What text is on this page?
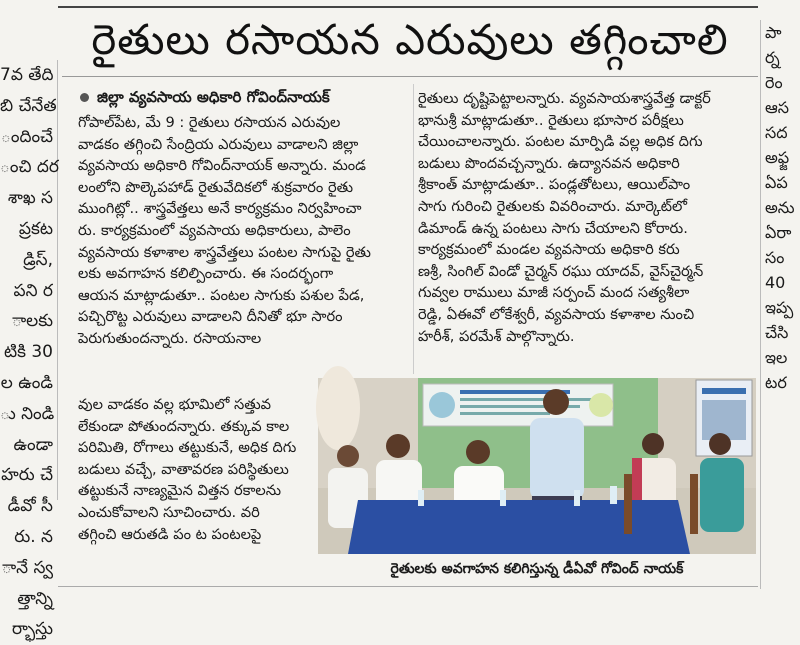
7వ తేది
బి చేనేత
ందించే
ంచి దర
శాఖ స
ప్రకట
డ్రిస్,
పని ర
ాలకు
టికి 30
ల ఉండి
ు నిండి
ఉండా
హరు చే
డీవో సీ
రు. న
ానే స్వ
త్తాన్ని
ర్భాస్తు
పా
ర్న
రెం
ఆస
సద
అఫ్జ
ఏప
అను
ఏరా
సం
40
ఇప్ప
చేసి
ఇల
టర
రైతులు రసాయన ఎరువులు తగ్గించాలి
జిల్లా వ్యవసాయ అధికారి గోవింద్‌నాయక్
గోపాల్‌పేట, మే 9 : రైతులు రసాయన ఎరువుల
వాడకం తగ్గించి సేంద్రియ ఎరువులు వాడాలని జిల్లా
వ్యవసాయ అధికారి గోవింద్‌నాయక్ అన్నారు. మండ
లంలోని పొల్కెపహాడ్ రైతువేదికలో శుక్రవారం రైతు
ముంగిట్లో.. శాస్త్రవేత్తలు అనే కార్యక్రమం నిర్వహించా
రు. కార్యక్రమంలో వ్యవసాయ అధికారులు, పాలెం
వ్యవసాయ కళాశాల శాస్త్రవేత్తలు పంటల సాగుపై రైతు
లకు అవగాహన కలిల్పించారు. ఈ సందర్భంగా
ఆయన మాట్లాడుతూ.. పంటల సాగుకు పశుల పేడ,
పచ్చిరొట్ట ఎరువులు వాడాలని దీనితో భూ సారం
పెరుగుతుందన్నారు. రసాయనాల
వుల వాడకం వల్ల భూమిలో సత్తువ
లేకుండా పోతుందన్నారు. తక్కువ కాల
పరిమితి, రోగాలు తట్టుకునే, అధిక దిగు
బడులు వచ్చే, వాతావరణ పరిస్థితులు
తట్టుకునే నాణ్యమైన విత్తన రకాలను
ఎంచుకోవాలని సూచించారు. వరి
తగ్గించి ఆరుతడి పం ట పంటలపై
రైతులు దృష్టిపెట్టాలన్నారు. వ్యవసాయశాస్త్రవేత్త డాక్టర్
భానుశ్రీ మాట్లాడుతూ.. రైతులు భూసార పరీక్షలు
చేయించాలన్నారు. పంటల మార్పిడి వల్ల అధిక దిగు
బడులు పొందవచ్చన్నారు. ఉద్యానవన అధికారి
శ్రీకాంత్ మాట్లాడుతూ.. పండ్లతోటలు, ఆయిల్‌పాం
సాగు గురించి రైతులకు వివరించారు. మార్కెట్‌లో
డిమాండ్ ఉన్న పంటలు సాగు చేయాలని కోరారు.
కార్యక్రమంలో మండల వ్యవసాయ అధికారి కరు
ణశ్రీ, సింగిల్ విండో చైర్మన్ రఘు యాదవ్, వైస్‌చైర్మన్
గువ్వల రాములు మాజీ సర్పంచ్ మంద సత్యశీలా
రెడ్డి, ఏఈవో లోకేశ్వరీ, వ్యవసాయ కళాశాల నుంచి
హరీశ్, పరమేశ్ పాల్గొన్నారు.
రైతులకు అవగాహన కలిగిస్తున్న డీఏవో గోవింద్ నాయక్
